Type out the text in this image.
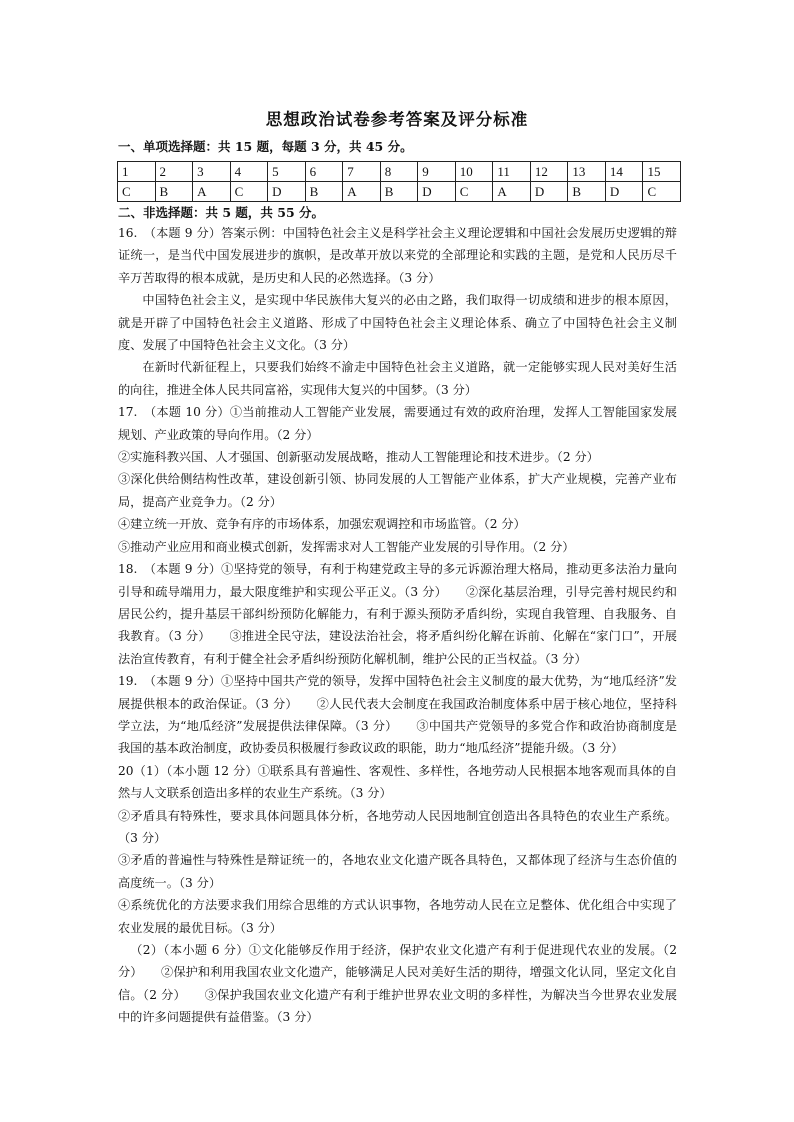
思想政治试卷参考答案及评分标准
一、单项选择题：共 15 题，每题 3 分，共 45 分。
1	2	3	4	5	6	7	8	9	10	11	12	13	14	15
C	B	A	C	D	B	A	B	D	C	A	D	B	D	C
二、非选择题：共 5 题，共 55 分。

16.　（本题 9 分）答案示例：中国特色社会主义是科学社会主义理论逻辑和中国社会发展历史逻辑的辩证统一，是当代中国发展进步的旗帜，是改革开放以来党的全部理论和实践的主题，是党和人民历尽千辛万苦取得的根本成就，是历史和人民的必然选择。（3 分）

中国特色社会主义，是实现中华民族伟大复兴的必由之路，我们取得一切成绩和进步的根本原因，就是开辟了中国特色社会主义道路、形成了中国特色社会主义理论体系、确立了中国特色社会主义制度、发展了中国特色社会主义文化。（3 分）

在新时代新征程上，只要我们始终不渝走中国特色社会主义道路，就一定能够实现人民对美好生活的向往，推进全体人民共同富裕，实现伟大复兴的中国梦。（3 分）

17.　（本题 10 分）①当前推动人工智能产业发展，需要通过有效的政府治理，发挥人工智能国家发展规划、产业政策的导向作用。（2 分）

②实施科教兴国、人才强国、创新驱动发展战略，推动人工智能理论和技术进步。（2 分）

③深化供给侧结构性改革，建设创新引领、协同发展的人工智能产业体系，扩大产业规模，完善产业布局，提高产业竞争力。（2 分）

④建立统一开放、竞争有序的市场体系，加强宏观调控和市场监管。（2 分）

⑤推动产业应用和商业模式创新，发挥需求对人工智能产业发展的引导作用。（2 分）

18.　（本题 9 分）①坚持党的领导，有利于构建党政主导的多元诉源治理大格局，推动更多法治力量向引导和疏导端用力，最大限度维护和实现公平正义。（3 分）　　②深化基层治理，引导完善村规民约和居民公约，提升基层干部纠纷预防化解能力，有利于源头预防矛盾纠纷，实现自我管理、自我服务、自我教育。（3 分）　　③推进全民守法，建设法治社会，将矛盾纠纷化解在诉前、化解在“家门口”，开展法治宣传教育，有利于健全社会矛盾纠纷预防化解机制，维护公民的正当权益。（3 分）

19.　（本题 9 分）①坚持中国共产党的领导，发挥中国特色社会主义制度的最大优势，为“地瓜经济”发展提供根本的政治保证。（3 分）　　②人民代表大会制度在我国政治制度体系中居于核心地位，坚持科学立法，为“地瓜经济”发展提供法律保障。（3 分）　　③中国共产党领导的多党合作和政治协商制度是我国的基本政治制度，政协委员积极履行参政议政的职能，助力“地瓜经济”提能升级。（3 分）

20（1）（本小题 12 分）①联系具有普遍性、客观性、多样性，各地劳动人民根据本地客观而具体的自然与人文联系创造出多样的农业生产系统。（3 分）

②矛盾具有特殊性，要求具体问题具体分析，各地劳动人民因地制宜创造出各具特色的农业生产系统。（3 分）

③矛盾的普遍性与特殊性是辩证统一的，各地农业文化遗产既各具特色，又都体现了经济与生态价值的高度统一。（3 分）

④系统优化的方法要求我们用综合思维的方式认识事物，各地劳动人民在立足整体、优化组合中实现了农业发展的最优目标。（3 分）

（2）（本小题 6 分）①文化能够反作用于经济，保护农业文化遗产有利于促进现代农业的发展。（2 分）　　②保护和利用我国农业文化遗产，能够满足人民对美好生活的期待，增强文化认同，坚定文化自信。（2 分）　　③保护我国农业文化遗产有利于维护世界农业文明的多样性，为解决当今世界农业发展中的许多问题提供有益借鉴。（3 分）
